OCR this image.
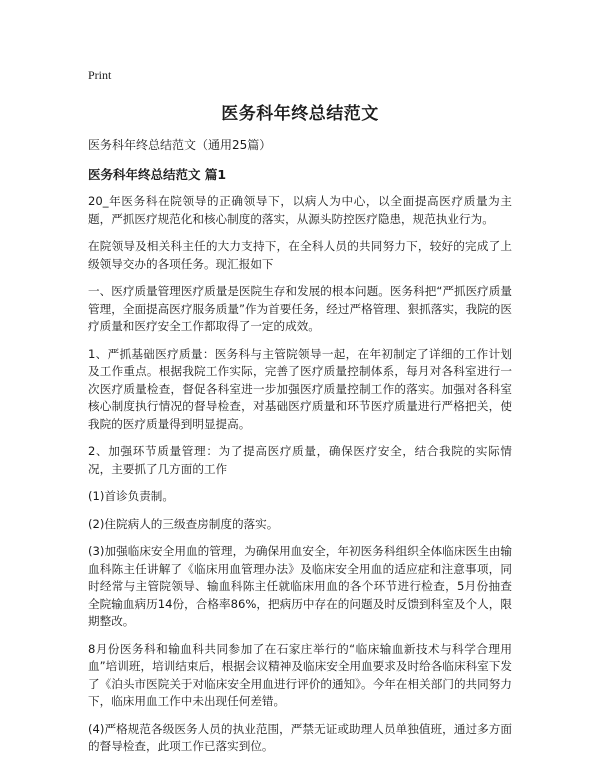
Print
医务科年终总结范文

医务科年终总结范文（通用25篇）

医务科年终总结范文 篇1

20_年医务科在院领导的正确领导下，以病人为中心，以全面提高医疗质量为主题，严抓医疗规范化和核心制度的落实，从源头防控医疗隐患，规范执业行为。

在院领导及相关科主任的大力支持下，在全科人员的共同努力下，较好的完成了上级领导交办的各项任务。现汇报如下

一、医疗质量管理医疗质量是医院生存和发展的根本问题。医务科把“严抓医疗质量管理，全面提高医疗服务质量”作为首要任务，经过严格管理、狠抓落实，我院的医疗质量和医疗安全工作都取得了一定的成效。

1、严抓基础医疗质量：医务科与主管院领导一起，在年初制定了详细的工作计划及工作重点。根据我院工作实际，完善了医疗质量控制体系，每月对各科室进行一次医疗质量检查，督促各科室进一步加强医疗质量控制工作的落实。加强对各科室核心制度执行情况的督导检查，对基础医疗质量和环节医疗质量进行严格把关，使我院的医疗质量得到明显提高。

2、加强环节质量管理：为了提高医疗质量，确保医疗安全，结合我院的实际情况，主要抓了几方面的工作

(1)首诊负责制。

(2)住院病人的三级查房制度的落实。

(3)加强临床安全用血的管理，为确保用血安全，年初医务科组织全体临床医生由输血科陈主任讲解了《临床用血管理办法》及临床安全用血的适应症和注意事项，同时经常与主管院领导、输血科陈主任就临床用血的各个环节进行检查，5月份抽查全院输血病历14份，合格率86%，把病历中存在的问题及时反馈到科室及个人，限期整改。

8月份医务科和输血科共同参加了在石家庄举行的“临床输血新技术与科学合理用血”培训班，培训结束后，根据会议精神及临床安全用血要求及时给各临床科室下发了《泊头市医院关于对临床安全用血进行评价的通知》。今年在相关部门的共同努力下，临床用血工作中未出现任何差错。

(4)严格规范各级医务人员的执业范围，严禁无证或助理人员单独值班，通过多方面的督导检查，此项工作已落实到位。
